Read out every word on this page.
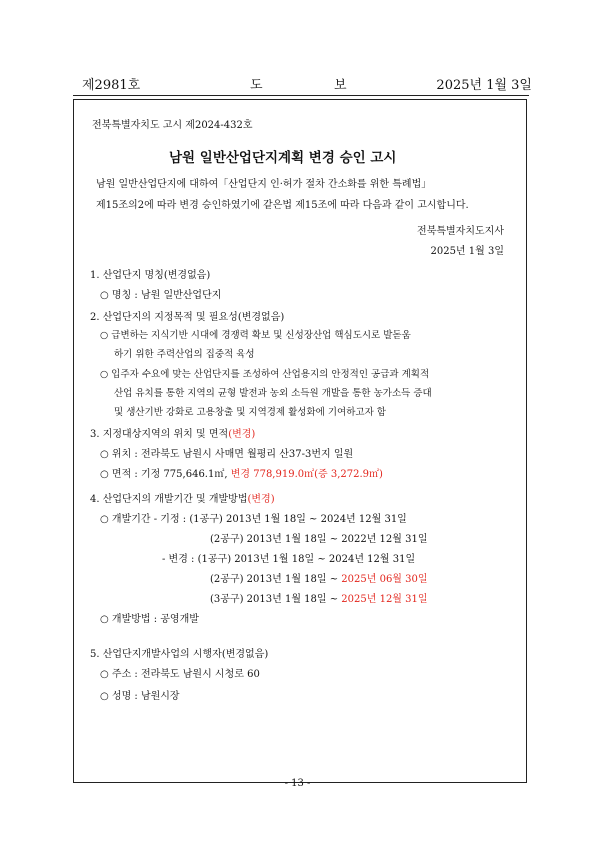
제2981호	도	보	2025년 1월 3일
전북특별자치도 고시 제2024-432호
남원 일반산업단지계획 변경 승인 고시
남원 일반산업단지에 대하여「산업단지 인·허가 절차 간소화를 위한 특례법」
제15조의2에 따라 변경 승인하였기에 같은법 제15조에 따라 다음과 같이 고시합니다.
전북특별자치도지사
2025년 1월 3일
1. 산업단지 명칭(변경없음)
○ 명칭 : 남원 일반산업단지
2. 산업단지의 지정목적 및 필요성(변경없음)
○ 급변하는 지식기반 시대에 경쟁력 확보 및 신성장산업 핵심도시로 발돋움
하기 위한 주력산업의 집중적 육성
○ 입주자 수요에 맞는 산업단지를 조성하여 산업용지의 안정적인 공급과 계획적
산업 유치를 통한 지역의 균형 발전과 농외 소득원 개발을 통한 농가소득 증대
및 생산기반 강화로 고용창출 및 지역경제 활성화에 기여하고자 함
3. 지정대상지역의 위치 및 면적(변경)
○ 위치 : 전라북도 남원시 사매면 월평리 산37-3번지 일원
○ 면적 : 기정 775,646.1㎡, 변경 778,919.0㎡(증 3,272.9㎡)
4. 산업단지의 개발기간 및 개발방법(변경)
○ 개발기간 - 기정 : (1공구) 2013년 1월 18일 ~ 2024년 12월 31일
(2공구) 2013년 1월 18일 ~ 2022년 12월 31일
- 변경 : (1공구) 2013년 1월 18일 ~ 2024년 12월 31일
(2공구) 2013년 1월 18일 ~ 2025년 06월 30일
(3공구) 2013년 1월 18일 ~ 2025년 12월 31일
○ 개발방법 : 공영개발
5. 산업단지개발사업의 시행자(변경없음)
○ 주소 : 전라북도 남원시 시청로 60
○ 성명 : 남원시장
- 13 -
